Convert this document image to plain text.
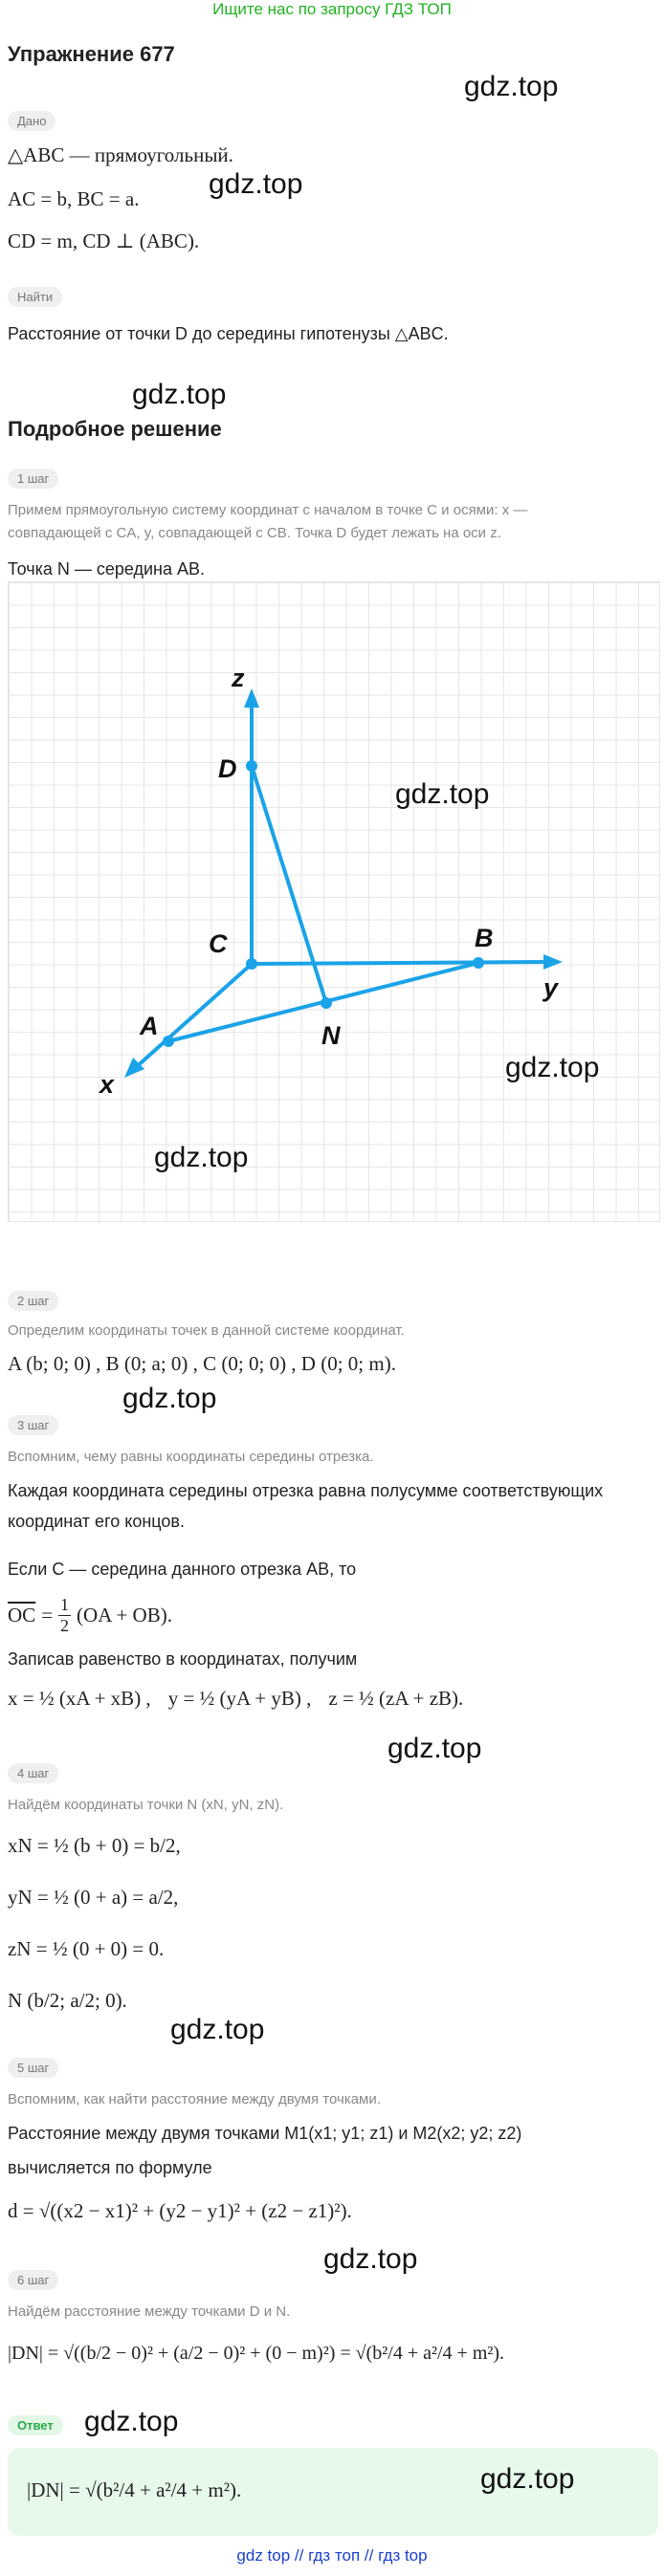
Ищите нас по запросу ГДЗ ТОП
Упражнение 677
gdz.top
Дано
△ABC — прямоугольный.
gdz.top
AC = b, BC = a.
CD = m, CD ⊥ (ABC).
Найти
Расстояние от точки D до середины гипотенузы △ABC.
gdz.top
Подробное решение
1 шаг
Примем прямоугольную систему координат с началом в точке C и осями: x —
совпадающей с CA, y, совпадающей с CB. Точка D будет лежать на оси z.
Точка N — середина AB.
z
D
C	B
y
A	N
x
gdz.top
gdz.top
gdz.top
2 шаг
Определим координаты точек в данной системе координат.
A (b; 0; 0) , B (0; a; 0) , C (0; 0; 0) , D (0; 0; m).
gdz.top
3 шаг
Вспомним, чему равны координаты середины отрезка.
Каждая координата середины отрезка равна полусумме соответствующих
координат его концов.
Если C — середина данного отрезка AB, то
$\overline{OC} = \frac{1}{2} (OA + OB)$.
Записав равенство в координатах, получим
x = ½ (xA + xB) , y = ½ (yA + yB) , z = ½ (zA + zB).
gdz.top
4 шаг
Найдём координаты точки N (xN, yN, zN).
xN = ½ (b + 0) = b/2,
yN = ½ (0 + a) = a/2,
zN = ½ (0 + 0) = 0.
N (b/2; a/2; 0).
gdz.top
5 шаг
Вспомним, как найти расстояние между двумя точками.
Расстояние между двумя точками M1(x1; y1; z1) и M2(x2; y2; z2)
вычисляется по формуле
d = √((x2 − x1)² + (y2 − y1)² + (z2 − z1)²).
gdz.top
6 шаг
Найдём расстояние между точками D и N.
|DN| = √((b/2 − 0)² + (a/2 − 0)² + (0 − m)²) = √(b²/4 + a²/4 + m²).
Ответ	gdz.top
|DN| = √(b²/4 + a²/4 + m²).	gdz.top
gdz top // гдз топ // гдз top
